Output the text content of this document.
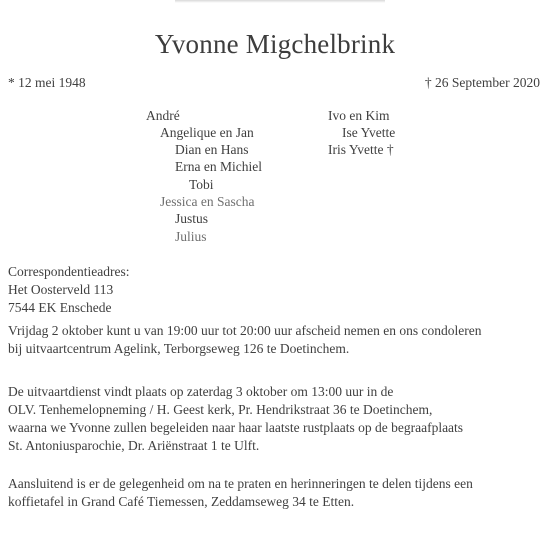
Yvonne Migchelbrink
* 12 mei 1948	† 26 September 2020
André
Angelique en Jan
Dian en Hans
Erna en Michiel
Tobi
Jessica en Sascha
Justus
Julius
Ivo en Kim
Ise Yvette
Iris Yvette †
Correspondentieadres:
Het Oosterveld 113
7544 EK Enschede
Vrijdag 2 oktober kunt u van 19:00 uur tot 20:00 uur afscheid nemen en ons condoleren
bij uitvaartcentrum Agelink, Terborgseweg 126 te Doetinchem.
De uitvaartdienst vindt plaats op zaterdag 3 oktober om 13:00 uur in de
OLV. Tenhemelopneming / H. Geest kerk, Pr. Hendrikstraat 36 te Doetinchem,
waarna we Yvonne zullen begeleiden naar haar laatste rustplaats op de begraafplaats
St. Antoniusparochie, Dr. Ariënstraat 1 te Ulft.
Aansluitend is er de gelegenheid om na te praten en herinneringen te delen tijdens een
koffietafel in Grand Café Tiemessen, Zeddamseweg 34 te Etten.
